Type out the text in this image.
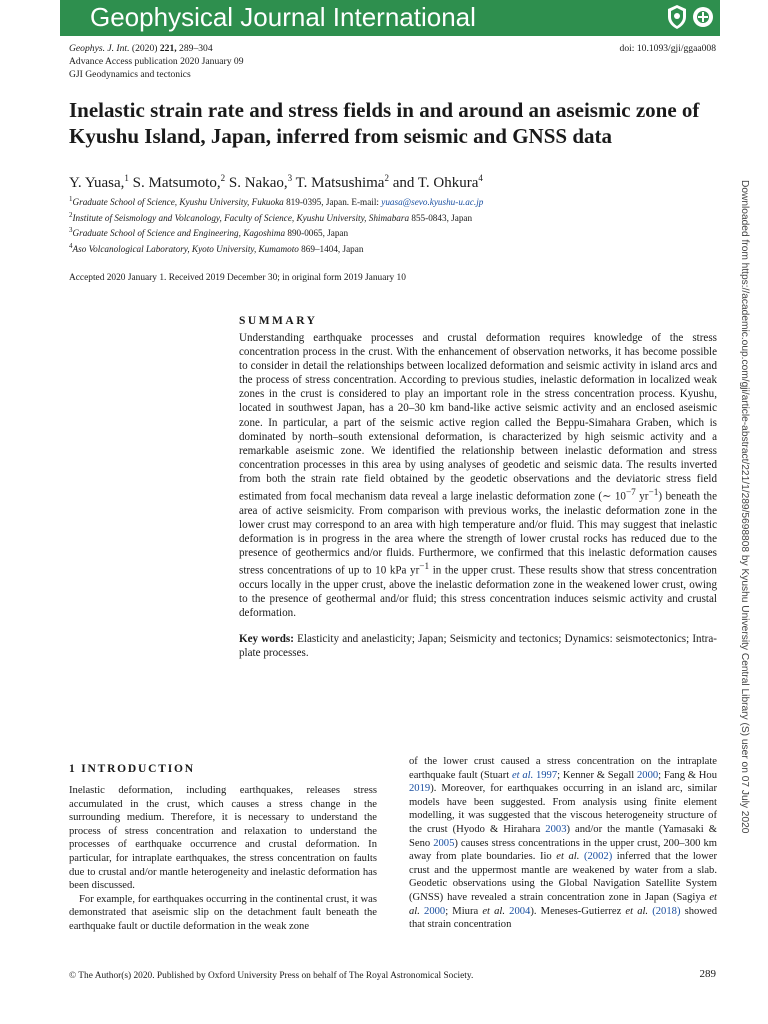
Geophysical Journal International
Geophys. J. Int. (2020) 221, 289–304
Advance Access publication 2020 January 09
GJI Geodynamics and tectonics
doi: 10.1093/gji/ggaa008
Inelastic strain rate and stress fields in and around an aseismic zone of Kyushu Island, Japan, inferred from seismic and GNSS data
Y. Yuasa,$^1$ S. Matsumoto,$^2$ S. Nakao,$^3$ T. Matsushima$^2$ and T. Ohkura$^4$
$^1$Graduate School of Science, Kyushu University, Fukuoka 819-0395, Japan. E-mail: yuasa@sevo.kyushu-u.ac.jp
$^2$Institute of Seismology and Volcanology, Faculty of Science, Kyushu University, Shimabara 855-0843, Japan
$^3$Graduate School of Science and Engineering, Kagoshima 890-0065, Japan
$^4$Aso Volcanological Laboratory, Kyoto University, Kumamoto 869–1404, Japan
Accepted 2020 January 1. Received 2019 December 30; in original form 2019 January 10
SUMMARY

Understanding earthquake processes and crustal deformation requires knowledge of the stress concentration process in the crust. With the enhancement of observation networks, it has become possible to consider in detail the relationships between localized deformation and seismic activity in island arcs and the process of stress concentration. According to previous studies, inelastic deformation in localized weak zones in the crust is considered to play an important role in the stress concentration process. Kyushu, located in southwest Japan, has a 20–30 km band-like active seismic activity and an enclosed aseismic zone. In particular, a part of the seismic active region called the Beppu-Simahara Graben, which is dominated by north–south extensional deformation, is characterized by high seismic activity and a remarkable aseismic zone. We identified the relationship between inelastic deformation and stress concentration processes in this area by using analyses of geodetic and seismic data. The results inverted from both the strain rate field obtained by the geodetic observations and the deviatoric stress field estimated from focal mechanism data reveal a large inelastic deformation zone (∼ $10^{-7}$ $yr^{-1}$) beneath the area of active seismicity. From comparison with previous works, the inelastic deformation zone in the lower crust may correspond to an area with high temperature and/or fluid. This may suggest that inelastic deformation is in progress in the area where the strength of lower crustal rocks has reduced due to the presence of geothermics and/or fluids. Furthermore, we confirmed that this inelastic deformation causes stress concentrations of up to 10 kPa $yr^{-1}$ in the upper crust. These results show that stress concentration occurs locally in the upper crust, above the inelastic deformation zone in the weakened lower crust, owing to the presence of geothermal and/or fluid; this stress concentration induces seismic activity and crustal deformation.

Key words: Elasticity and anelasticity; Japan; Seismicity and tectonics; Dynamics: seismotectonics; Intra-plate processes.
1 INTRODUCTION

Inelastic deformation, including earthquakes, releases stress accumulated in the crust, which causes a stress change in the surrounding medium. Therefore, it is necessary to understand the process of stress concentration and relaxation to understand the processes of earthquake occurrence and crustal deformation. In particular, for intraplate earthquakes, the stress concentration on faults due to crustal and/or mantle heterogeneity and inelastic deformation has been discussed.

For example, for earthquakes occurring in the continental crust, it was demonstrated that aseismic slip on the detachment fault beneath the earthquake fault or ductile deformation in the weak zone

of the lower crust caused a stress concentration on the intraplate earthquake fault (Stuart et al. 1997; Kenner & Segall 2000; Fang & Hou 2019). Moreover, for earthquakes occurring in an island arc, similar models have been suggested. From analysis using finite element modelling, it was suggested that the viscous heterogeneity structure of the crust (Hyodo & Hirahara 2003) and/or the mantle (Yamasaki & Seno 2005) causes stress concentrations in the upper crust, 200–300 km away from plate boundaries. Iio et al. (2002) inferred that the lower crust and the uppermost mantle are weakened by water from a slab. Geodetic observations using the Global Navigation Satellite System (GNSS) have revealed a strain concentration zone in Japan (Sagiya et al. 2000; Miura et al. 2004). Meneses-Gutierrez et al. (2018) showed that strain concentration

© The Author(s) 2020. Published by Oxford University Press on behalf of The Royal Astronomical Society.	289
Downloaded from https://academic.oup.com/gji/article-abstract/221/1/289/5698808 by Kyushu University Central Library (S) user on 07 July 2020
